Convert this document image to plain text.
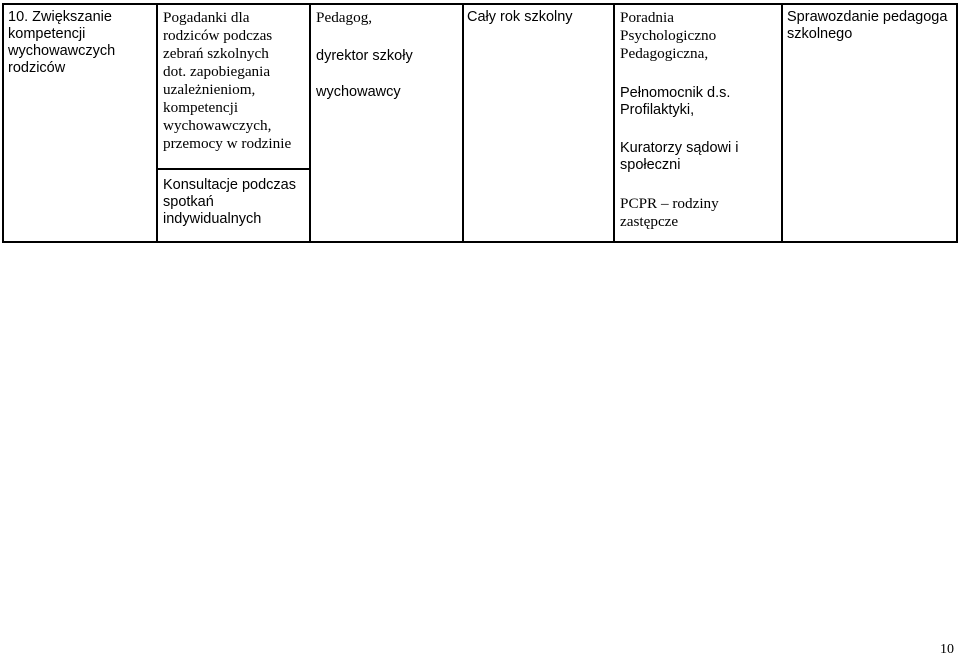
10. Zwiększanie
kompetencji
wychowawczych
rodziców
Pogadanki dla
rodziców podczas
zebrań szkolnych
dot. zapobiegania
uzależnieniom,
kompetencji
wychowawczych,
przemocy w rodzinie
Konsultacje podczas
spotkań
indywidualnych
Pedagog,
dyrektor szkoły
wychowawcy
Cały rok szkolny	Poradnia
Psychologiczno
Pedagogiczna,
Pełnomocnik d.s.
Profilaktyki,
Kuratorzy sądowi i
społeczni
PCPR – rodziny
zastępcze
Sprawozdanie pedagoga
szkolnego
10
